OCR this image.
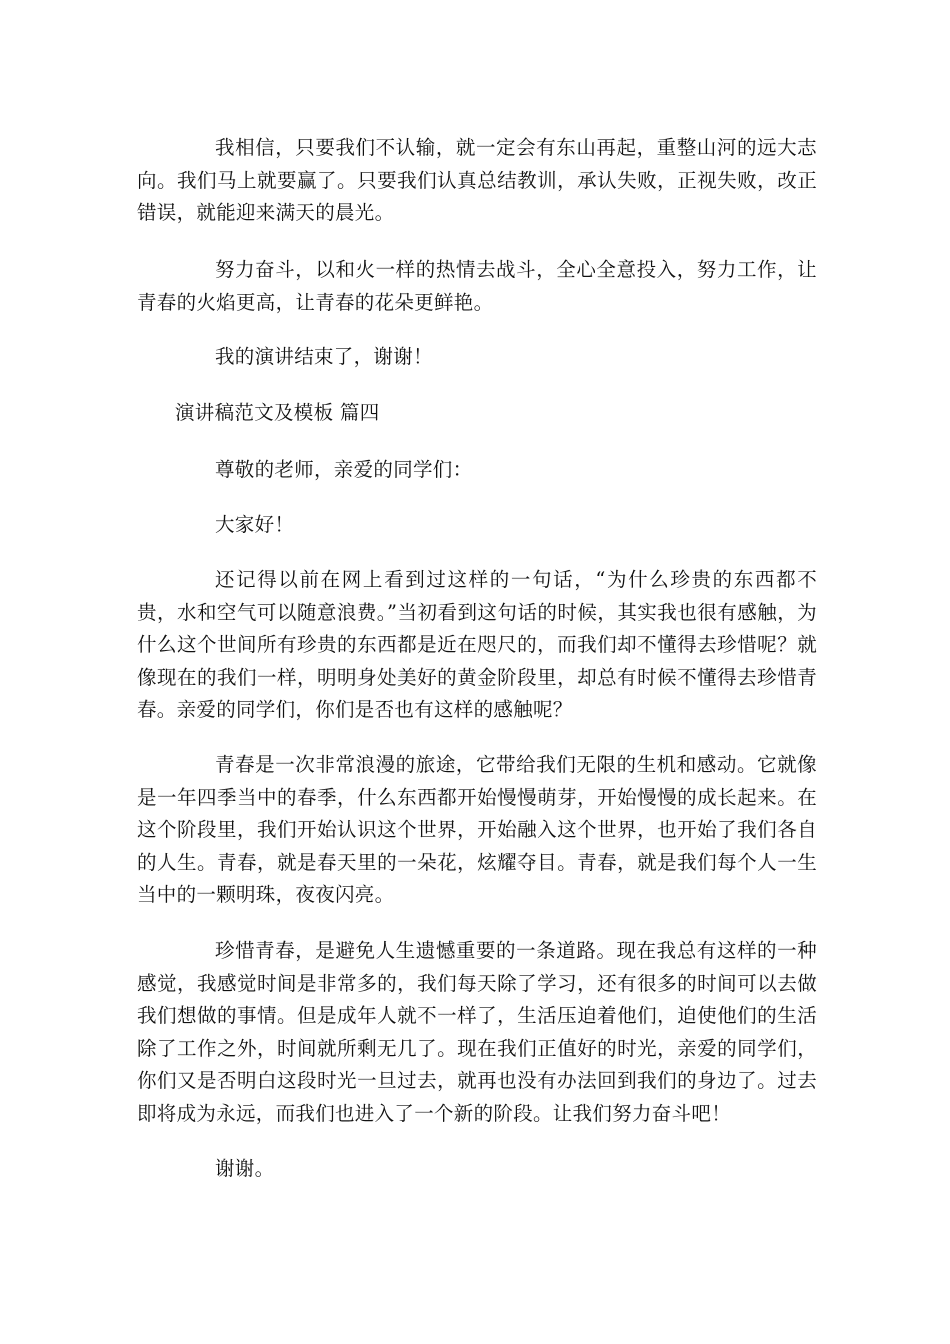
我相信，只要我们不认输，就一定会有东山再起，重整山河的远大志向。我们马上就要赢了。只要我们认真总结教训，承认失败，正视失败，改正错误，就能迎来满天的晨光。

努力奋斗，以和火一样的热情去战斗，全心全意投入，努力工作，让青春的火焰更高，让青春的花朵更鲜艳。

我的演讲结束了，谢谢！

演讲稿范文及模板 篇四

尊敬的老师，亲爱的同学们：

大家好！

还记得以前在网上看到过这样的一句话，“为什么珍贵的东西都不贵，水和空气可以随意浪费。”当初看到这句话的时候，其实我也很有感触，为什么这个世间所有珍贵的东西都是近在咫尺的，而我们却不懂得去珍惜呢？就像现在的我们一样，明明身处美好的黄金阶段里，却总有时候不懂得去珍惜青春。亲爱的同学们，你们是否也有这样的感触呢？

青春是一次非常浪漫的旅途，它带给我们无限的生机和感动。它就像是一年四季当中的春季，什么东西都开始慢慢萌芽，开始慢慢的成长起来。在这个阶段里，我们开始认识这个世界，开始融入这个世界，也开始了我们各自的人生。青春，就是春天里的一朵花，炫耀夺目。青春，就是我们每个人一生当中的一颗明珠，夜夜闪亮。

珍惜青春，是避免人生遗憾重要的一条道路。现在我总有这样的一种感觉，我感觉时间是非常多的，我们每天除了学习，还有很多的时间可以去做我们想做的事情。但是成年人就不一样了，生活压迫着他们，迫使他们的生活除了工作之外，时间就所剩无几了。现在我们正值好的时光，亲爱的同学们，你们又是否明白这段时光一旦过去，就再也没有办法回到我们的身边了。过去即将成为永远，而我们也进入了一个新的阶段。让我们努力奋斗吧！

谢谢。
